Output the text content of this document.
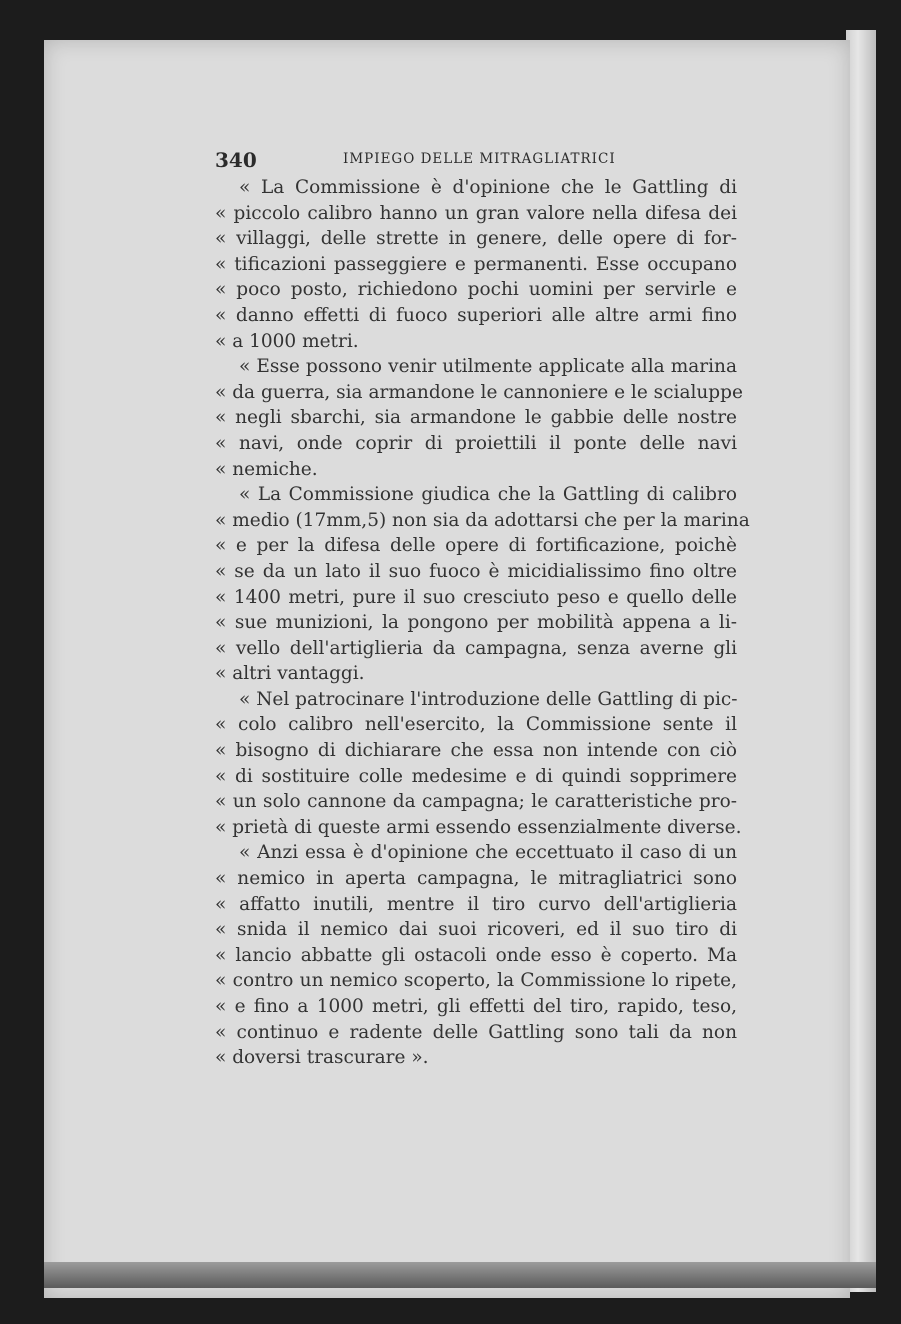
340	IMPIEGO DELLE MITRAGLIATRICI
« La Commissione è d'opinione che le Gattling di
« piccolo calibro hanno un gran valore nella difesa dei
« villaggi, delle strette in genere, delle opere di for-
« tificazioni passeggiere e permanenti. Esse occupano
« poco posto, richiedono pochi uomini per servirle e
« danno effetti di fuoco superiori alle altre armi fino
« a 1000 metri.
« Esse possono venir utilmente applicate alla marina
« da guerra, sia armandone le cannoniere e le scialuppe
« negli sbarchi, sia armandone le gabbie delle nostre
« navi, onde coprir di proiettili il ponte delle navi
« nemiche.
« La Commissione giudica che la Gattling di calibro
« medio (17mm,5) non sia da adottarsi che per la marina
« e per la difesa delle opere di fortificazione, poichè
« se da un lato il suo fuoco è micidialissimo fino oltre
« 1400 metri, pure il suo cresciuto peso e quello delle
« sue munizioni, la pongono per mobilità appena a li-
« vello dell'artiglieria da campagna, senza averne gli
« altri vantaggi.
« Nel patrocinare l'introduzione delle Gattling di pic-
« colo calibro nell'esercito, la Commissione sente il
« bisogno di dichiarare che essa non intende con ciò
« di sostituire colle medesime e di quindi sopprimere
« un solo cannone da campagna; le caratteristiche pro-
« prietà di queste armi essendo essenzialmente diverse.
« Anzi essa è d'opinione che eccettuato il caso di un
« nemico in aperta campagna, le mitragliatrici sono
« affatto inutili, mentre il tiro curvo dell'artiglieria
« snida il nemico dai suoi ricoveri, ed il suo tiro di
« lancio abbatte gli ostacoli onde esso è coperto. Ma
« contro un nemico scoperto, la Commissione lo ripete,
« e fino a 1000 metri, gli effetti del tiro, rapido, teso,
« continuo e radente delle Gattling sono tali da non
« doversi trascurare ».
